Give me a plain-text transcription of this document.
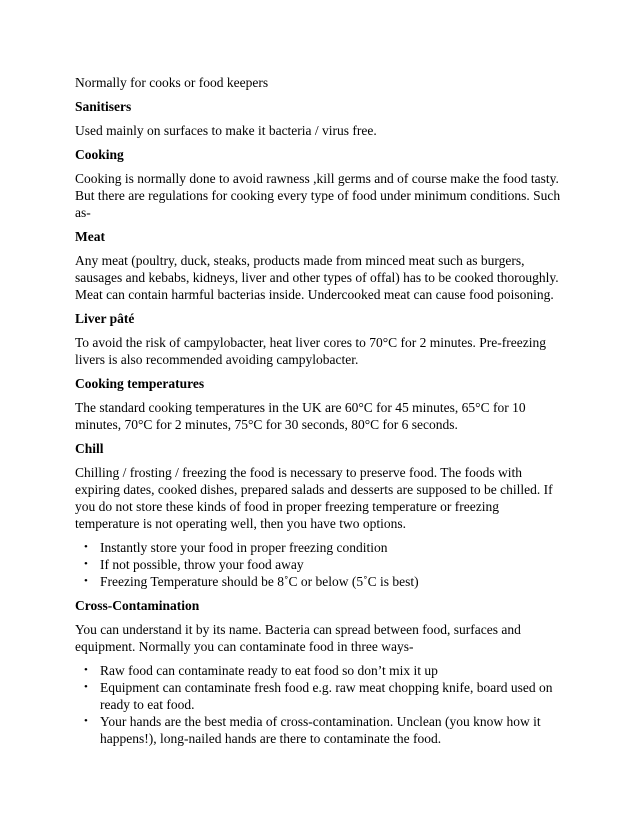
Normally for cooks or food keepers

Sanitisers

Used mainly on surfaces to make it bacteria / virus free.

Cooking

Cooking is normally done to avoid rawness ,kill germs and of course make the food tasty. But there are regulations for cooking every type of food under minimum conditions. Such as-

Meat

Any meat (poultry, duck, steaks, products made from minced meat such as burgers, sausages and kebabs, kidneys, liver and other types of offal) has to be cooked thoroughly. Meat can contain harmful bacterias inside. Undercooked meat can cause food poisoning.

Liver pâté

To avoid the risk of campylobacter, heat liver cores to 70°C for 2 minutes. Pre-freezing livers is also recommended avoiding campylobacter.

Cooking temperatures

The standard cooking temperatures in the UK are 60°C for 45 minutes, 65°C for 10 minutes, 70°C for 2 minutes, 75°C for 30 seconds, 80°C for 6 seconds.

Chill

Chilling / frosting / freezing the food is necessary to preserve food. The foods with expiring dates, cooked dishes, prepared salads and desserts are supposed to be chilled. If you do not store these kinds of food in proper freezing temperature or freezing temperature is not operating well, then you have two options.

• Instantly store your food in proper freezing condition
• If not possible, throw your food away
• Freezing Temperature should be 8˚C or below (5˚C is best)

Cross-Contamination

You can understand it by its name. Bacteria can spread between food, surfaces and equipment. Normally you can contaminate food in three ways-

• Raw food can contaminate ready to eat food so don’t mix it up
• Equipment can contaminate fresh food e.g. raw meat chopping knife, board used on ready to eat food.
• Your hands are the best media of cross-contamination. Unclean (you know how it happens!), long-nailed hands are there to contaminate the food.
